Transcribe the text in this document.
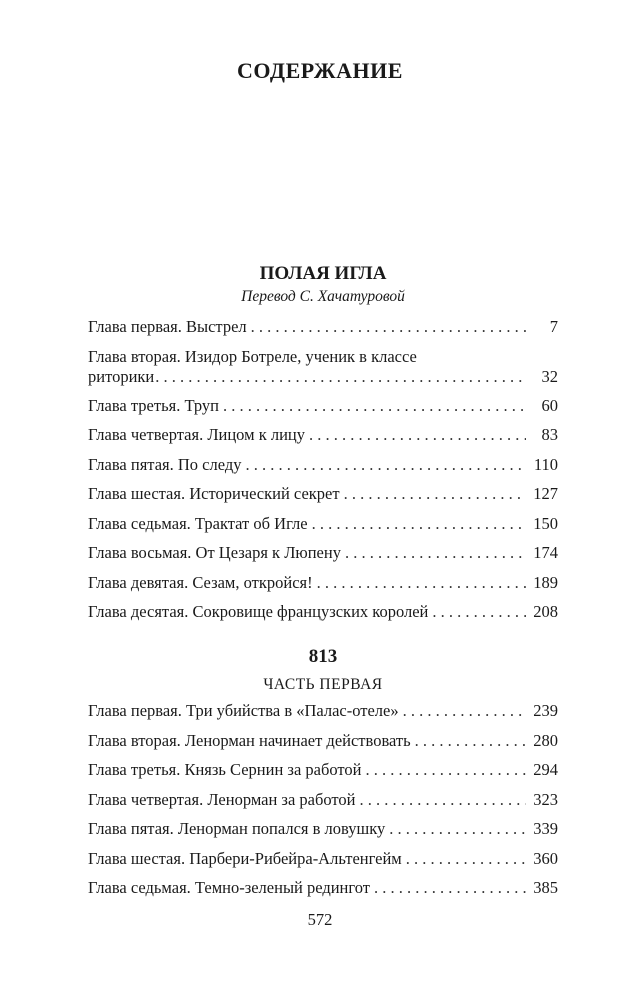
СОДЕРЖАНИЕ
ПОЛАЯ ИГЛА
Перевод С. Хачатуровой
Глава первая. Выстрел . . .	7
Глава вторая. Изидор Ботреле, ученик в классе
риторики . . .	32
Глава третья. Труп . . .	60
Глава четвертая. Лицом к лицу . . .	83
Глава пятая. По следу . . .	110
Глава шестая. Исторический секрет . . .	127
Глава седьмая. Трактат об Игле . . .	150
Глава восьмая. От Цезаря к Люпену . . .	174
Глава девятая. Сезам, откройся! . . .	189
Глава десятая. Сокровище французских королей . . .	208
813
ЧАСТЬ ПЕРВАЯ
Глава первая. Три убийства в «Палас-отеле» . . .	239
Глава вторая. Ленорман начинает действовать . . .	280
Глава третья. Князь Сернин за работой . . .	294
Глава четвертая. Ленорман за работой . . .	323
Глава пятая. Ленорман попался в ловушку . . .	339
Глава шестая. Парбери-Рибейра-Альтенгейм . . .	360
Глава седьмая. Темно-зеленый редингот . . .	385
572
